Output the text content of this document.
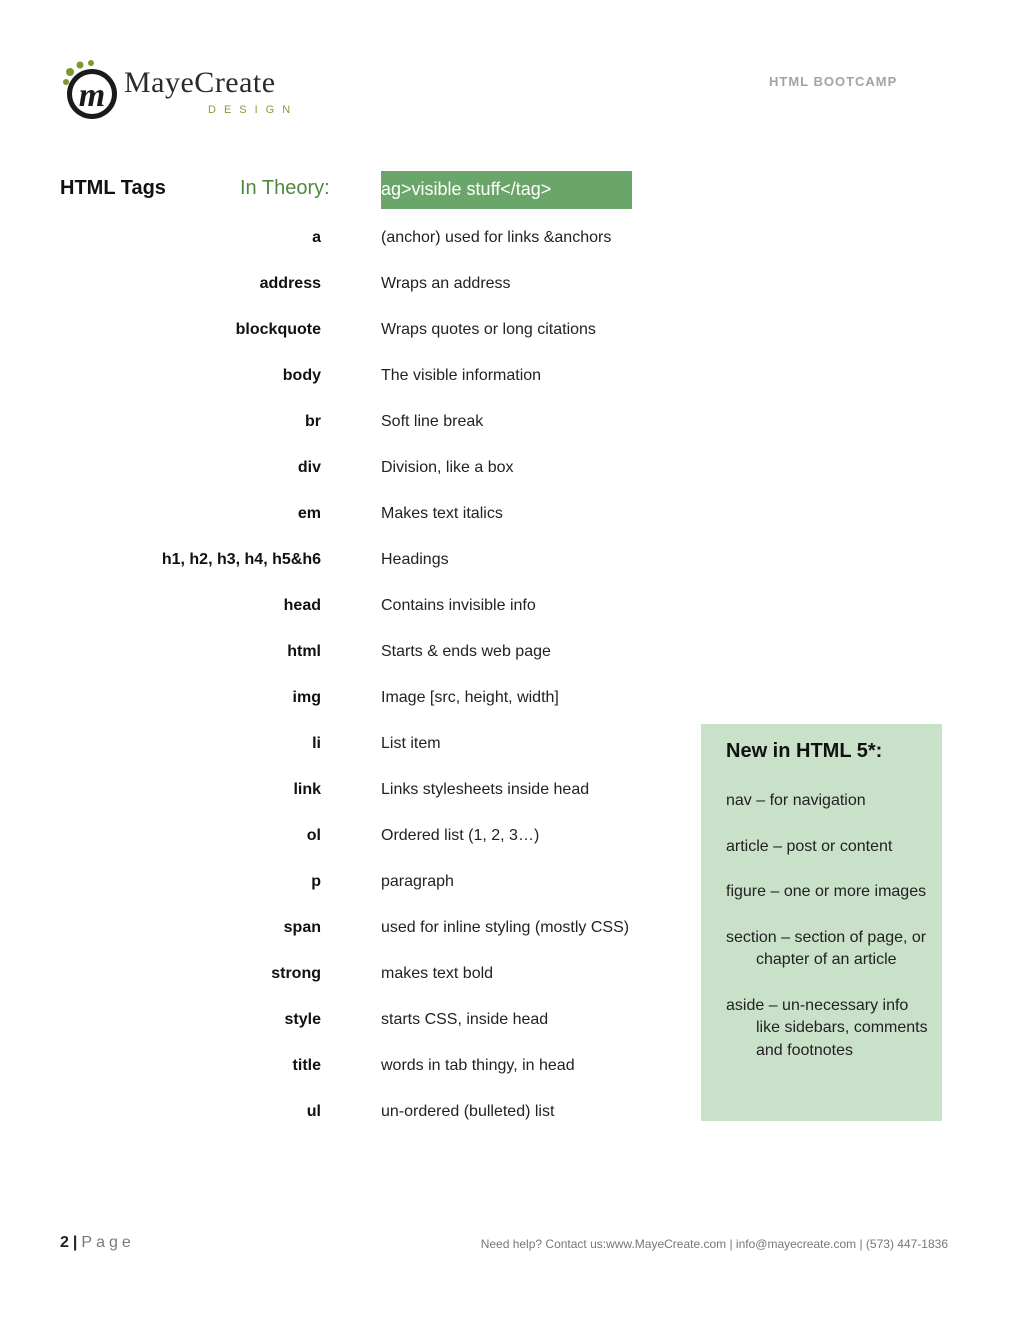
m MayeCreate
DESIGN
HTML BOOTCAMP
HTML Tags	In Theory:	ag>visible stuff</tag>
a	(anchor) used for links &anchors
address	Wraps an address
blockquote	Wraps quotes or long citations
body	The visible information
br	Soft line break
div	Division, like a box
em	Makes text italics
h1, h2, h3, h4, h5&h6	Headings
head	Contains invisible info
html	Starts & ends web page
img	Image [src, height, width]
li	List item
link	Links stylesheets inside head
ol	Ordered list (1, 2, 3…)
p	paragraph
span	used for inline styling (mostly CSS)
strong	makes text bold
style	starts CSS, inside head
title	words in tab thingy, in head
ul	un-ordered (bulleted) list
New in HTML 5*:
nav – for navigation
article – post or content
figure – one or more images
section – section of page, or chapter of an article
aside – un-necessary info like sidebars, comments and footnotes
2 | Page	Need help? Contact us:www.MayeCreate.com | info@mayecreate.com | (573) 447-1836
